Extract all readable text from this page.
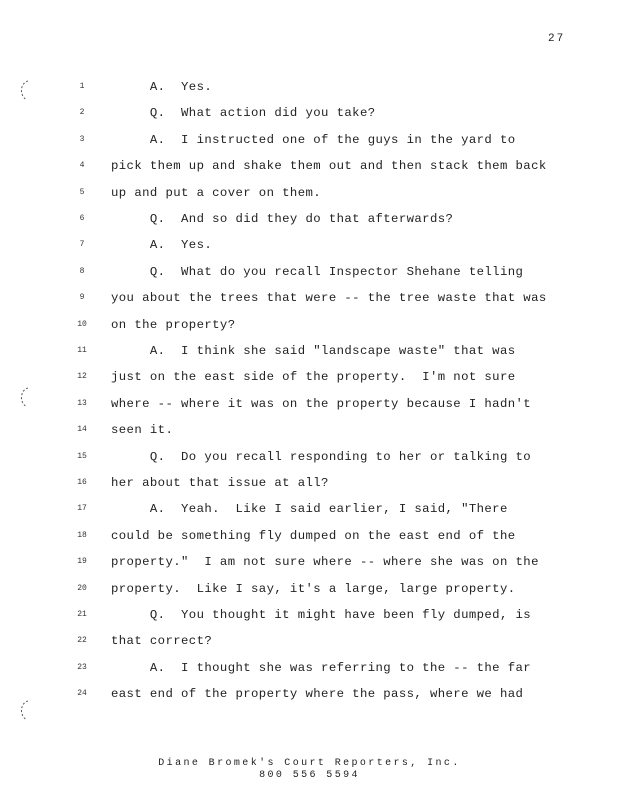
27
1	A.  Yes.
2	Q.  What action did you take?
3	A.  I instructed one of the guys in the yard to
4	pick them up and shake them out and then stack them back
5	up and put a cover on them.
6	Q.  And so did they do that afterwards?
7	A.  Yes.
8	Q.  What do you recall Inspector Shehane telling
9	you about the trees that were -- the tree waste that was
10	on the property?
11	A.  I think she said "landscape waste" that was
12	just on the east side of the property.  I'm not sure
13	where -- where it was on the property because I hadn't
14	seen it.
15	Q.  Do you recall responding to her or talking to
16	her about that issue at all?
17	A.  Yeah.  Like I said earlier, I said, "There
18	could be something fly dumped on the east end of the
19	property."  I am not sure where -- where she was on the
20	property.  Like I say, it's a large, large property.
21	Q.  You thought it might have been fly dumped, is
22	that correct?
23	A.  I thought she was referring to the -- the far
24	east end of the property where the pass, where we had
Diane Bromek's Court Reporters, Inc.
800 556 5594
